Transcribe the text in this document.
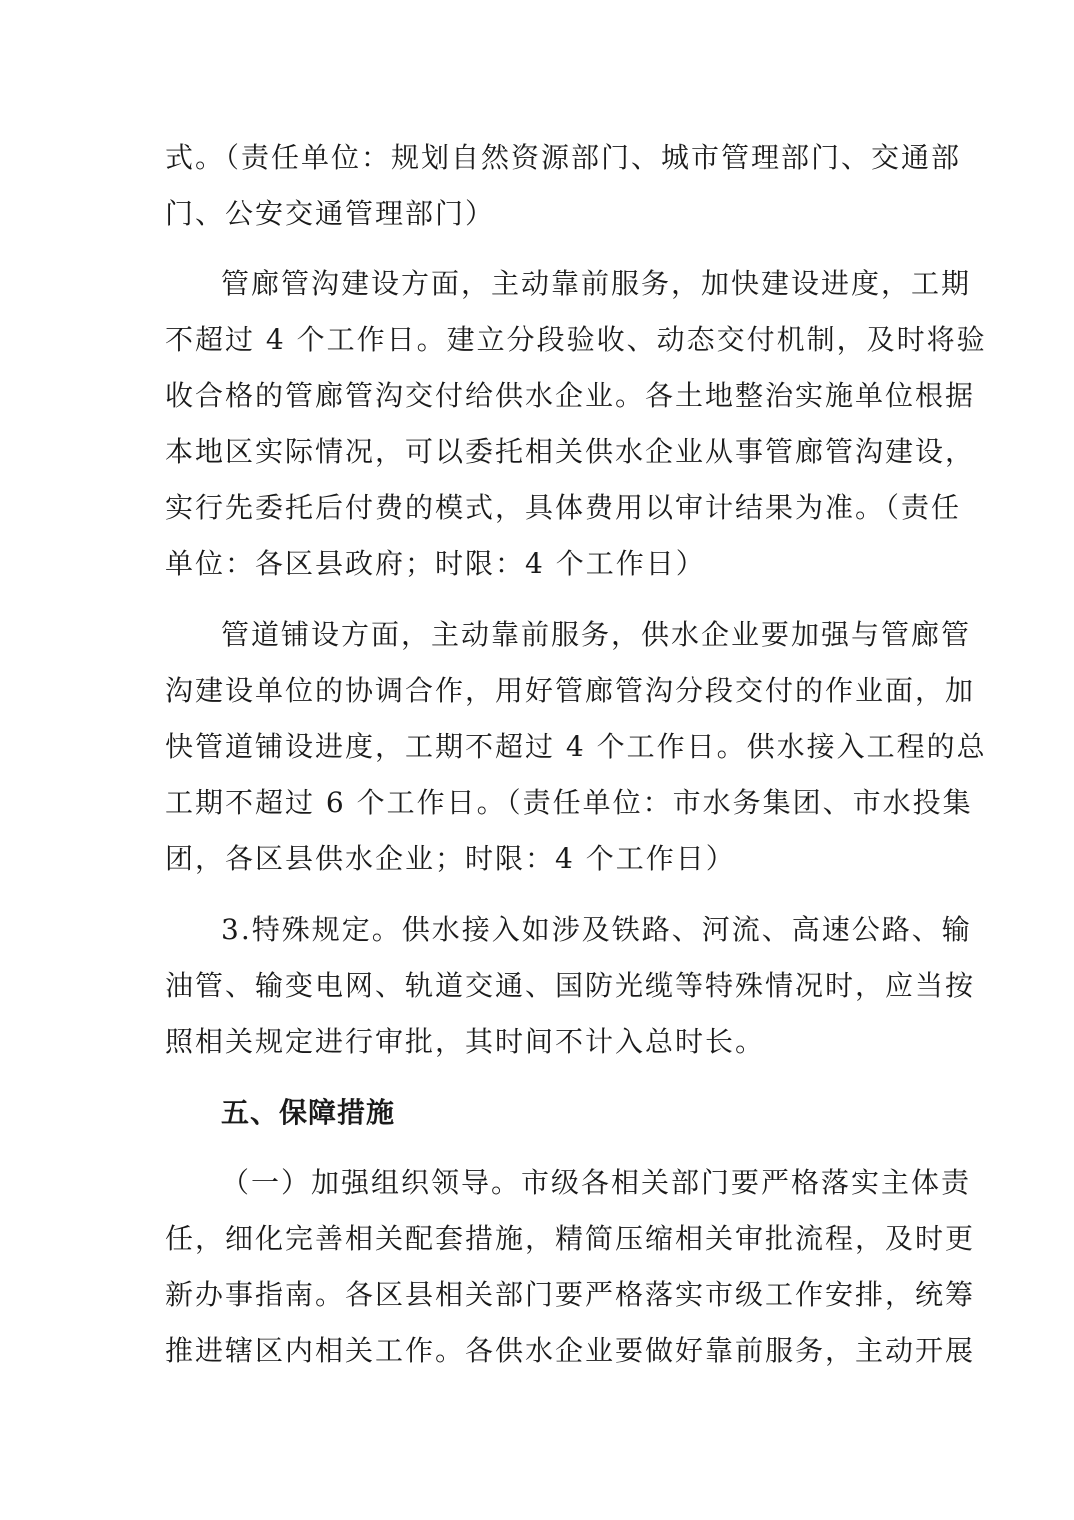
式。（责任单位：规划自然资源部门、城市管理部门、交通部
门、公安交通管理部门）
管廊管沟建设方面，主动靠前服务，加快建设进度，工期
不超过 4 个工作日。建立分段验收、动态交付机制，及时将验
收合格的管廊管沟交付给供水企业。各土地整治实施单位根据
本地区实际情况，可以委托相关供水企业从事管廊管沟建设，
实行先委托后付费的模式，具体费用以审计结果为准。（责任
单位：各区县政府；时限：4 个工作日）
管道铺设方面，主动靠前服务，供水企业要加强与管廊管
沟建设单位的协调合作，用好管廊管沟分段交付的作业面，加
快管道铺设进度，工期不超过 4 个工作日。供水接入工程的总
工期不超过 6 个工作日。（责任单位：市水务集团、市水投集
团，各区县供水企业；时限：4 个工作日）
3.特殊规定。供水接入如涉及铁路、河流、高速公路、输
油管、输变电网、轨道交通、国防光缆等特殊情况时，应当按
照相关规定进行审批，其时间不计入总时长。
五、保障措施
（一）加强组织领导。市级各相关部门要严格落实主体责
任，细化完善相关配套措施，精简压缩相关审批流程，及时更
新办事指南。各区县相关部门要严格落实市级工作安排，统筹
推进辖区内相关工作。各供水企业要做好靠前服务，主动开展
